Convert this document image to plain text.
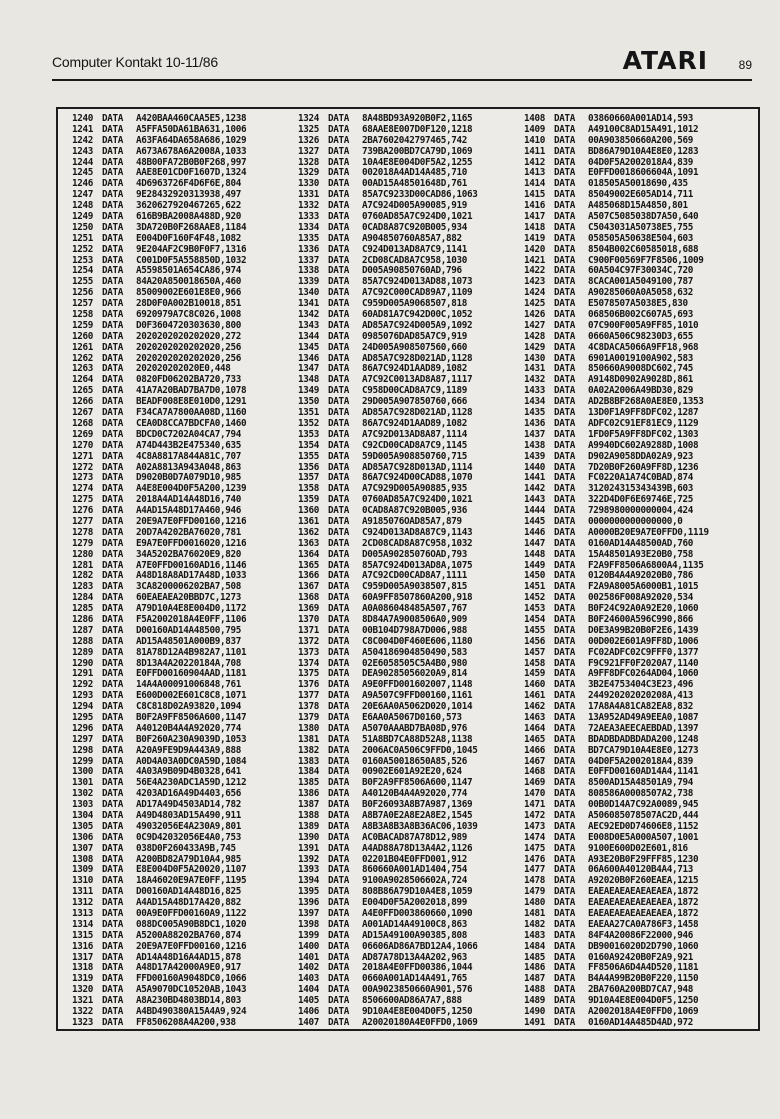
Computer Kontakt 10-11/86	ATARI	89
1240 DATA A420BAA460CAA5E5,1238
1241 DATA A5FFA50DA61BA631,1006
1242 DATA A63FA64DA658A686,1029
1243 DATA A673A678A6A2008A,1033
1244 DATA 48B00FA72B0B0F268,997
1245 DATA AAE8E01CD0F1607D,1324
1246 DATA 4D6963726F4D6F6E,804
1247 DATA 9E28432920313938,497
1248 DATA 3620627920467265,622
1249 DATA 616B9BA2008A488D,920
1250 DATA 3DA720B0F268AAE8,1184
1251 DATA E004D0F160F4F48,1082
1252 DATA 9E204AF2C9B0F0F7,1316
1253 DATA C001D0F5A558850D,1032
1254 DATA A5598501A654CA86,974
1255 DATA 84A20A850018650A,460
1256 DATA 85009002E601E8E0,966
1257 DATA 28D0F0A002B10018,851
1258 DATA 6920979A7C8C026,1008
1259 DATA D0F3604720303630,800
1260 DATA 2020202020202020,272
1261 DATA 2020202020202020,256
1262 DATA 2020202020202020,256
1263 DATA 202020202020E0,448
1264 DATA 0820FD06202BA720,733
1265 DATA 41A7A20BAD7BA7D0,1078
1266 DATA BEADF008E8E010D0,1291
1267 DATA F34CA7A7800AA08D,1160
1268 DATA CEA0D8CCA7BDCFA0,1460
1269 DATA BDCD0C7202A04CA7,794
1270 DATA A74D443B2E475340,635
1271 DATA 4C8A8817A844A81C,707
1272 DATA A02A8813A943A048,863
1273 DATA D9020B0D7A079D10,985
1274 DATA A4E8E004D0F5A200,1239
1275 DATA 2018A4AD14A48D16,740
1276 DATA A4AD15A48D17A460,946
1277 DATA 20E9A7E0FFD00160,1216
1278 DATA 20D7A4202BA76020,781
1279 DATA E9A7E0FFD0016020,1216
1280 DATA 34A5202BA76020E9,820
1281 DATA A7E0FFD00160AD16,1146
1282 DATA A48D18A8AD17A48D,1033
1283 DATA 3CA8200006202BA7,508
1284 DATA 60EAEAEA20BBD7C,1273
1285 DATA A79D10A4E8E004D0,1172
1286 DATA F5A2002018A4E0FF,1106
1287 DATA D00160AD14A48500,795
1288 DATA AD15A48501A000B9,837
1289 DATA 81A78D12A4B982A7,1101
1290 DATA 8D13A4A20220184A,708
1291 DATA E0FFD00160904AAD,1181
1292 DATA 14A4A00091006848,761
1293 DATA E600D002E601C8C8,1071
1294 DATA C8C818D02A93820,1094
1295 DATA B0F2A9FF8506A600,1147
1296 DATA A40120B4A4A92020,774
1297 DATA B0F260A230A9039D,1053
1298 DATA A20A9FE9D9A443A9,888
1299 DATA A0D4A03A0DC0A59D,1084
1300 DATA 4A03A9B09D4B0328,641
1301 DATA 56E4A230ADC1A59D,1212
1302 DATA 4203AD16A49D4403,656
1303 DATA AD17A49D4503AD14,782
1304 DATA A49D4803AD15A490,911
1305 DATA 49032056E4A230A9,801
1306 DATA 0C9D42032056E4A0,753
1307 DATA 038D0F260433A9B,745
1308 DATA A200BD82A79D10A4,985
1309 DATA E8E004D0F5A20020,1107
1310 DATA 18A46020E9A7E0FF,1195
1311 DATA D00160AD14A48D16,825
1312 DATA A4AD15A48D17A420,882
1313 DATA 00A9E0FFD00160A9,1122
1314 DATA 088DC005A90B8DC1,1020
1315 DATA A5200A88202BA760,874
1316 DATA 20E9A7E0FFD00160,1216
1317 DATA AD14A48D16A4AD15,878
1318 DATA A48D17A42000A9E0,917
1319 DATA FFD00160A9048DC0,1066
1320 DATA A5A9070DC10520AB,1043
1321 DATA A8A230BD4803BD14,803
1322 DATA A4BD490380A15A4A9,924
1323 DATA FF8506208A4A200,938
1324 DATA 8A48BD93A920B0F2,1165
1325 DATA 68AAE8E007D0F120,1218
1326 DATA 2BA7602042797465,742
1327 DATA 739BA200BD7CA79D,1069
1328 DATA 10A4E8E004D0F5A2,1255
1329 DATA 002018A4AD14A485,710
1330 DATA 00AD15A48501648D,761
1331 DATA 85A7C9233D00CAD86,1063
1332 DATA A7C924D005A90085,919
1333 DATA 0760AD85A7C924D0,1021
1334 DATA 0CAD8A87C920B005,934
1335 DATA A904850760A85A7,882
1336 DATA C924D013AD8A7C9,1141
1337 DATA 2CD08CAD8A7C958,1030
1338 DATA D005A90850760AD,796
1339 DATA 85A7C924D013AD88,1073
1340 DATA A7C92C000CAD89A7,1109
1341 DATA C959D005A9068507,818
1342 DATA 60AD81A7C942D00C,1052
1343 DATA AD85A7C924D005A9,1092
1344 DATA 0985076DAD85A7C9,919
1345 DATA 24D005A908507560,660
1346 DATA AD85A7C928D021AD,1128
1347 DATA 86A7C924D1AAD89,1082
1348 DATA A7C92C0013AD8A87,1117
1349 DATA C958D00CAD8A7C9,1189
1350 DATA 29D005A907850760,666
1351 DATA AD85A7C928D021AD,1128
1352 DATA 86A7C924D1AAD89,1082
1353 DATA A7C92D013AD8A87,1114
1354 DATA C92CD00CAD8A7C9,1145
1355 DATA 59D005A908850760,715
1356 DATA AD85A7C928D013AD,1114
1357 DATA 86A7C924D00CAD88,1070
1358 DATA A7C929D005A90885,935
1359 DATA 0760AD85A7C924D0,1021
1360 DATA 0CAD8A87C920B005,936
1361 DATA A9185076OAD85A7,879
1362 DATA C924D013AD8A87C9,1143
1363 DATA 2CD08CAD8A87C958,1032
1364 DATA D005A90285076OAD,793
1365 DATA 85A7C924D013AD8A,1075
1366 DATA A7C92CD00CAD8A7,1111
1367 DATA C959D005A9038507,815
1368 DATA 60A9FF8507860A200,918
1369 DATA A0A086048485A507,767
1370 DATA 8D84A7A9008506A0,909
1371 DATA 00B104D798A7D006,988
1372 DATA C8C004D0F460E606,1180
1373 DATA A504186904850490,583
1374 DATA 02E6058505C5A4B0,980
1375 DATA DEA90285056020A9,814
1376 DATA A9E0FFD001602007,1148
1377 DATA A9A507C9FFD00160,1161
1378 DATA 20E6AA0A5062D020,1014
1379 DATA E6AA0A5067D0160,573
1380 DATA A5070AAABD7BA08D,976
1381 DATA 51A8BD7CA88D52A8,1138
1382 DATA 2006AC0A506C9FFD0,1045
1383 DATA 0160A50018650A85,526
1384 DATA 00902E601A92E20,624
1385 DATA B0F2A9FF8506A600,1147
1386 DATA A40120B4A4A92020,774
1387 DATA B0F26093A8B7A987,1369
1388 DATA A8B7A0E2A8E2A8E2,1545
1389 DATA A8B3A8B3A8B36AC06,1039
1390 DATA AC0BACAD87A78D12,989
1391 DATA A4AD88A78D13A4A2,1126
1392 DATA 02201B04E0FFD001,912
1393 DATA 860660A001AD1404,754
1394 DATA 9100A9028506602A,724
1395 DATA 808B86A79D10A4E8,1059
1396 DATA E004D0F5A2002018,899
1397 DATA A4E0FFD003860660,1090
1398 DATA A001AD14A49100C8,863
1399 DATA AD15A49100A90385,808
1400 DATA 06606AD86A7BD12A4,1066
1401 DATA AD87A78D13A4A202,963
1402 DATA 2018A4E0FFD00386,1044
1403 DATA 0660A001AD14A491,765
1404 DATA 00A9023850660A901,576
1405 DATA 8506600AD86A7A7,888
1406 DATA 9D10A4E8E004D0F5,1250
1407 DATA A20020180A4E0FFD0,1069
1408 DATA 03860660A001AD14,593
1409 DATA A49100C8AD15A491,1012
1410 DATA 00A903850660A200,569
1411 DATA BD86A79D10A4E8E0,1283
1412 DATA 04D0F5A2002018A4,839
1413 DATA E0FFD0018606604A,1091
1414 DATA 018505A50018690,435
1415 DATA 85049002E605AD14,711
1416 DATA A485068D15A4850,801
1417 DATA A507C5085038D7A50,640
1418 DATA C5043031A50738E5,755
1419 DATA 058505A50638E504,603
1420 DATA 8504B002C60585018,688
1421 DATA C900F00569F7F8506,1009
1422 DATA 60A504C97F30034C,720
1423 DATA 8CACA001A5049100,787
1424 DATA A90285060A0A5058,632
1425 DATA E5078507A5038E5,830
1426 DATA 068506B002C607A5,693
1427 DATA 07C900F005A9FF85,1010
1428 DATA 0660A506C98230D3,655
1429 DATA 4C8DACA5066A9FF18,968
1430 DATA 6901A0019100A902,583
1431 DATA 850660A9008DC602,745
1432 DATA A9148D0902A9028D,861
1433 DATA 0A02A2006A49BD30,829
1434 DATA AD2B8BF268A0AE8E0,1353
1435 DATA 13D0F1A9FF8DFC02,1287
1436 DATA ADFC02C91EF81EC9,1129
1437 DATA 1FD0F5A9FF8DFC02,1303
1438 DATA A9940DC602A9288D,1008
1439 DATA D902A9058DDA02A9,923
1440 DATA 7D20B0F260A9FF8D,1236
1441 DATA FC0220A1A74C0BAD,874
1442 DATA 312024315343439B,603
1443 DATA 322D4D0F6E69746E,725
1444 DATA 7298980000000004,424
1445 DATA 0000000000000000,0
1446 DATA A0000B20E9A7E0FFD0,1119
1447 DATA 0160AD14A48500AD,760
1448 DATA 15A48501A93E20B0,758
1449 DATA F2A9FF8506A6800A4,1135
1450 DATA 0120B4A4A92020B0,786
1451 DATA F2A9A8005A6000B1,1015
1452 DATA 002586F008A92020,534
1453 DATA B0F24C92A0A92E20,1060
1454 DATA B0F24600A596C990,866
1455 DATA D0E3A99B20B0F2E6,1439
1456 DATA 00D002E601A9FF8D,1006
1457 DATA FC02ADFC02C9FFF0,1377
1458 DATA F9C921FF0F2020A7,1140
1459 DATA A9FF8DFC0264AD04,1060
1460 DATA 3B2E4753404C3E23,496
1461 DATA 244920202020208A,413
1462 DATA 17A8A4A81CA82EA8,832
1463 DATA 13A952AD49A9EEA0,1087
1464 DATA 72AEA3AEECAEBDAD,1397
1465 DATA BDADBDADBDADA200,1248
1466 DATA BD7CA79D10A4E8E0,1273
1467 DATA 04D0F5A2002018A4,839
1468 DATA E0FFD00160AD14A4,1141
1469 DATA 8500AD15A48501A9,794
1470 DATA 808586A0008507A2,738
1471 DATA 00B0D14A7C92A0089,945
1472 DATA A506085078507AC2D,444
1473 DATA AEC92ED0D74606E8,1152
1474 DATA E008D0E5A000A507,1001
1475 DATA 9100E600D02E601,816
1476 DATA A93E20B0F29FFF85,1230
1477 DATA 06A600A40120B4A4,713
1478 DATA A92020B0F260EAEA,1215
1479 DATA EAEAEAEAEAEAEAEA,1872
1480 DATA EAEAEAEAEAEAEAEA,1872
1481 DATA EAEAEAEAEAEAEAEA,1872
1482 DATA EAEAA27CA0A786F3,1458
1483 DATA 84F4A20086F22000,946
1484 DATA DB90016020D2D790,1060
1485 DATA 0160A92420B0F2A9,921
1486 DATA FF8506A6D4A4D520,1181
1487 DATA B4A4A99B20B0F220,1150
1488 DATA 2BA760A200BD7CA7,948
1489 DATA 9D10A4E8E004D0F5,1250
1490 DATA A2002018A4E0FFD0,1069
1491 DATA 0160AD14A485D4AD,972
